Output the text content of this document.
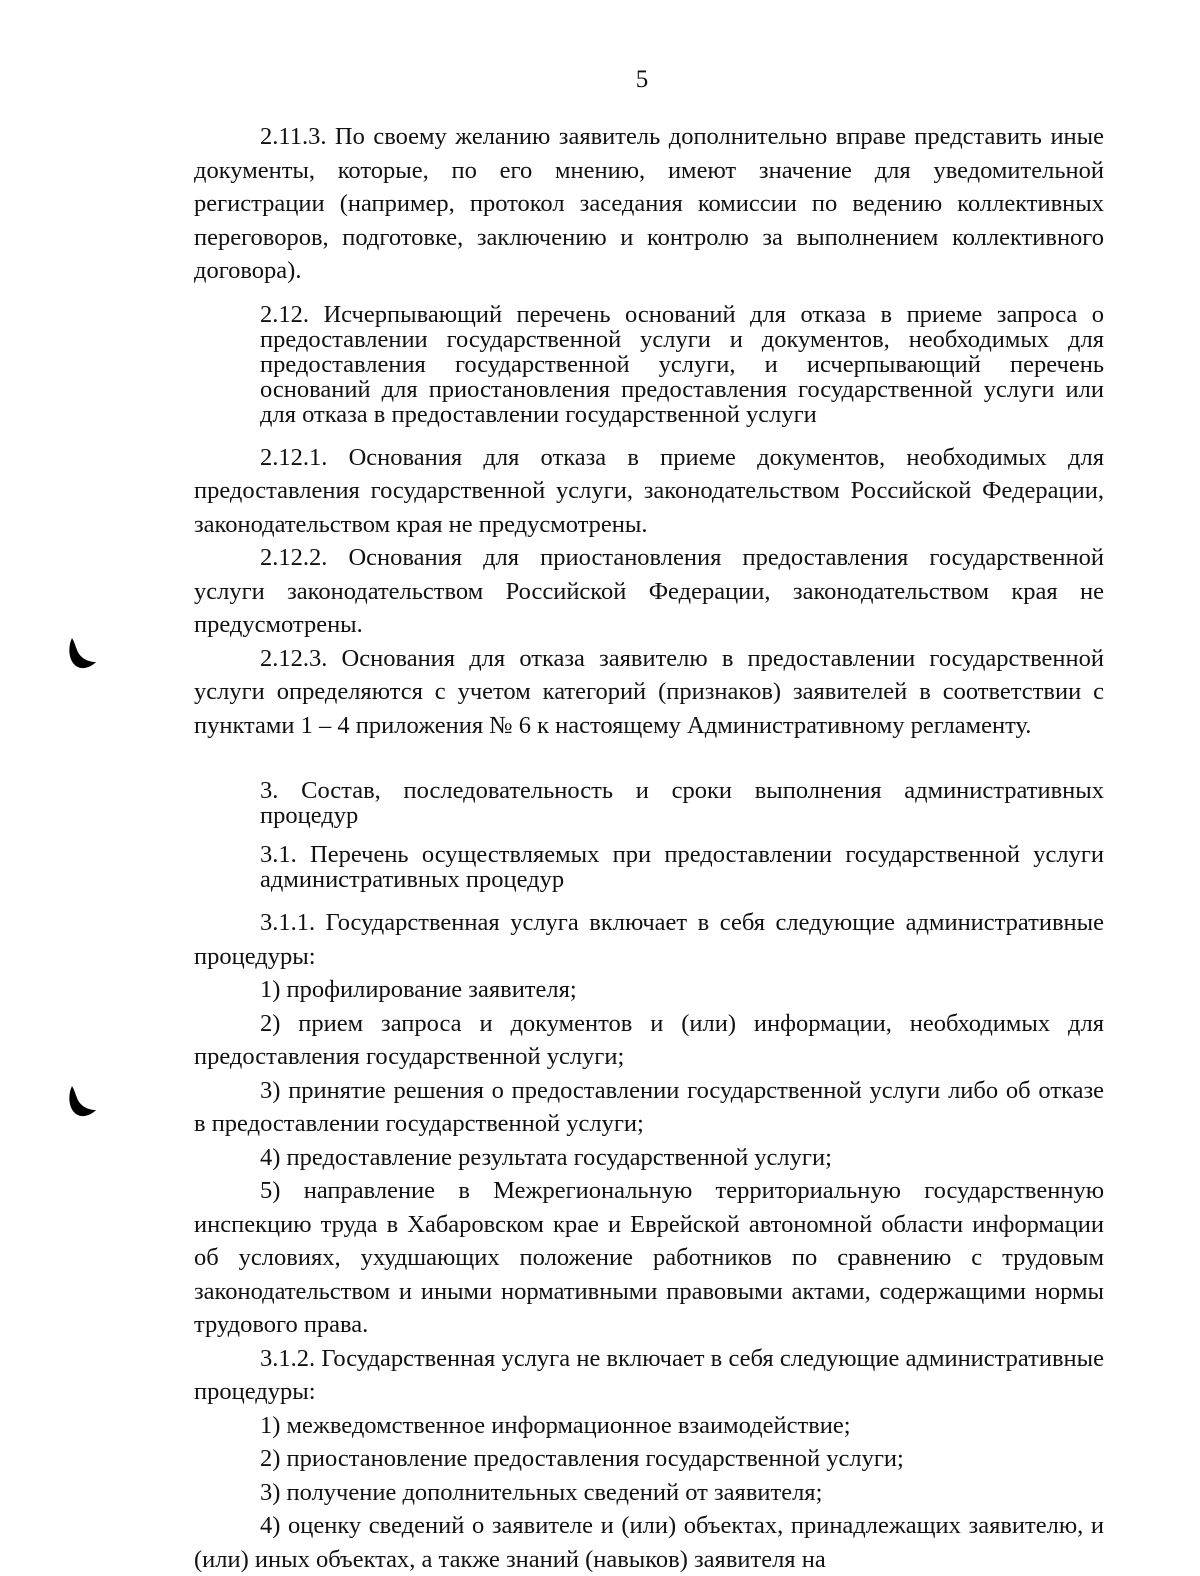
5

2.11.3. По своему желанию заявитель дополнительно вправе представить иные документы, которые, по его мнению, имеют значение для уведомительной регистрации (например, протокол заседания комиссии по ведению коллективных переговоров, подготовке, заключению и контролю за выполнением коллективного договора).

2.12. Исчерпывающий перечень оснований для отказа в приеме запроса о предоставлении государственной услуги и документов, необходимых для предоставления государственной услуги, и исчерпывающий перечень оснований для приостановления предоставления государственной услуги или для отказа в предоставлении государственной услуги

2.12.1. Основания для отказа в приеме документов, необходимых для предоставления государственной услуги, законодательством Российской Федерации, законодательством края не предусмотрены.

2.12.2. Основания для приостановления предоставления государственной услуги законодательством Российской Федерации, законодательством края не предусмотрены.

2.12.3. Основания для отказа заявителю в предоставлении государственной услуги определяются с учетом категорий (признаков) заявителей в соответствии с пунктами 1 – 4 приложения № 6 к настоящему Административному регламенту.

3. Состав, последовательность и сроки выполнения административных процедур

3.1. Перечень осуществляемых при предоставлении государственной услуги административных процедур

3.1.1. Государственная услуга включает в себя следующие административные процедуры:

1) профилирование заявителя;

2) прием запроса и документов и (или) информации, необходимых для предоставления государственной услуги;

3) принятие решения о предоставлении государственной услуги либо об отказе в предоставлении государственной услуги;

4) предоставление результата государственной услуги;

5) направление в Межрегиональную территориальную государственную инспекцию труда в Хабаровском крае и Еврейской автономной области информации об условиях, ухудшающих положение работников по сравнению с трудовым законодательством и иными нормативными правовыми актами, содержащими нормы трудового права.

3.1.2. Государственная услуга не включает в себя следующие административные процедуры:

1) межведомственное информационное взаимодействие;

2) приостановление предоставления государственной услуги;

3) получение дополнительных сведений от заявителя;

4) оценку сведений о заявителе и (или) объектах, принадлежащих заявителю, и (или) иных объектах, а также знаний (навыков) заявителя на
